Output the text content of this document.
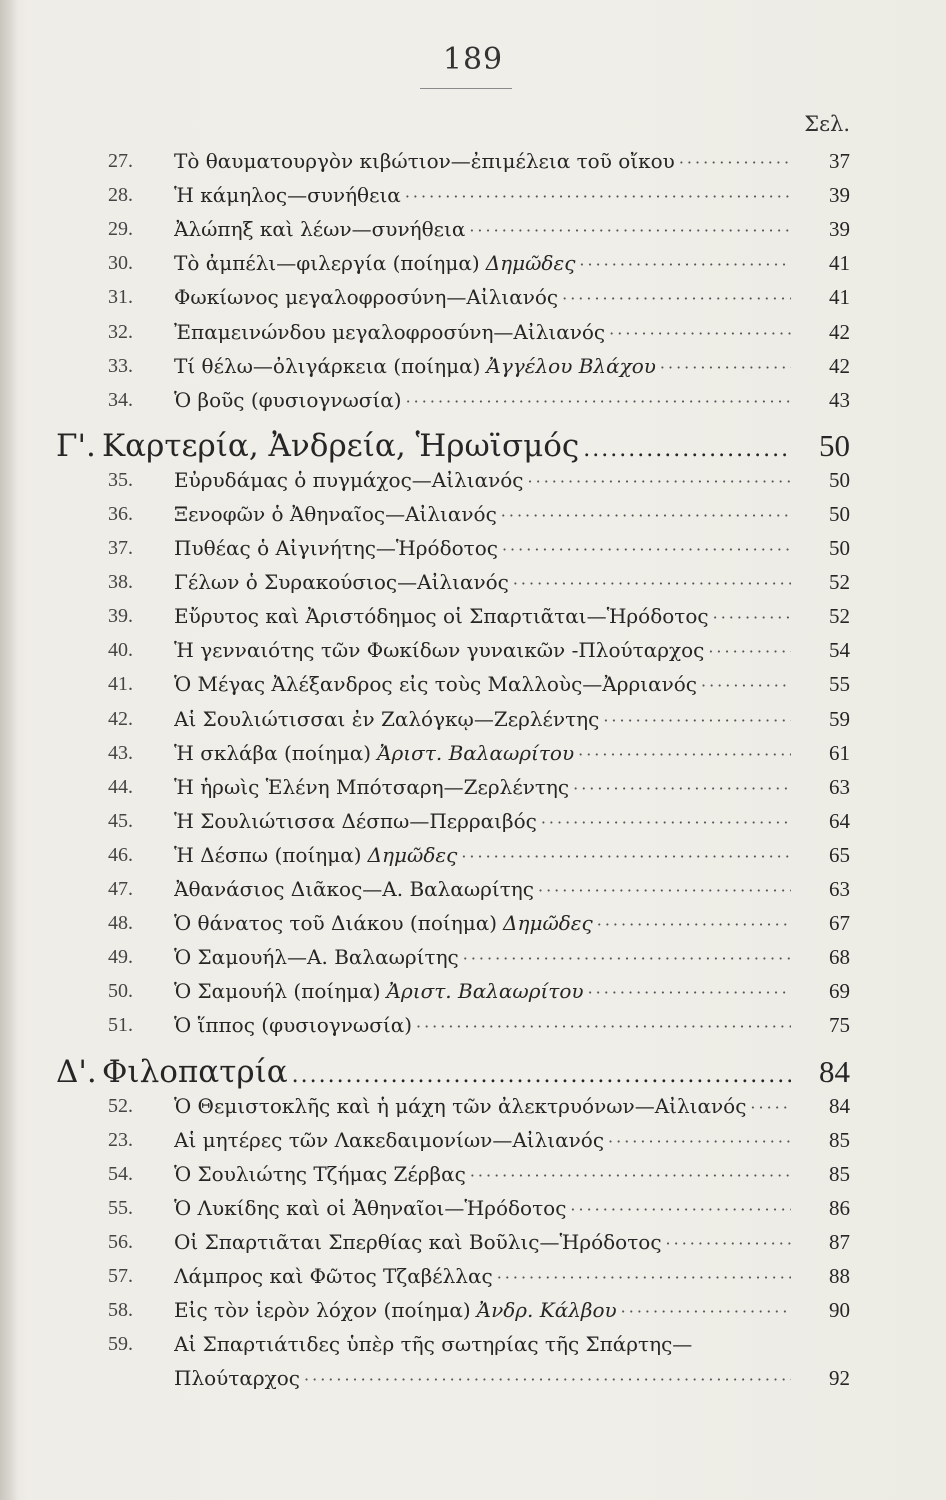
189
Σελ.
27.	Τὸ θαυματουργὸν κιβώτιον—ἐπιμέλεια τοῦ οἴκου ·····	37
28.	Ἡ κάμηλος—συνήθεια ·····	39
29.	Ἀλώπηξ καὶ λέων—συνήθεια ·····	39
30.	Τὸ ἀμπέλι—φιλεργία (ποίημα) Δημῶδες ·····	41
31.	Φωκίωνος μεγαλοφροσύνη—Αἰλιανός ·····	41
32.	Ἐπαμεινώνδου μεγαλοφροσύνη—Αἰλιανός ·····	42
33.	Τί θέλω—ὀλιγάρκεια (ποίημα) Ἀγγέλου Βλάχου ·····	42
34.	Ὁ βοῦς (φυσιογνωσία) ·····	43
Γ'. Καρτερία, Ἀνδρεία, Ἡρωϊσμός .....	50
35.	Εὐρυδάμας ὁ πυγμάχος—Αἰλιανός ·····	50
36.	Ξενοφῶν ὁ Ἀθηναῖος—Αἰλιανός ·····	50
37.	Πυθέας ὁ Αἰγινήτης—Ἡρόδοτος ·····	50
38.	Γέλων ὁ Συρακούσιος—Αἰλιανός ·····	52
39.	Εὔρυτος καὶ Ἀριστόδημος οἱ Σπαρτιᾶται—Ἡρόδοτος ·····	52
40.	Ἡ γενναιότης τῶν Φωκίδων γυναικῶν -Πλούταρχος ·····	54
41.	Ὁ Μέγας Ἀλέξανδρος εἰς τοὺς Μαλλοὺς—Ἀρριανός ·····	55
42.	Αἱ Σουλιώτισσαι ἐν Ζαλόγκῳ—Ζερλέντης ·····	59
43.	Ἡ σκλάβα (ποίημα) Ἀριστ. Βαλαωρίτου ·····	61
44.	Ἡ ἡρωὶς Ἑλένη Μπότσαρη—Ζερλέντης ·····	63
45.	Ἡ Σουλιώτισσα Δέσπω—Περραιβός ·····	64
46.	Ἡ Δέσπω (ποίημα) Δημῶδες ·····	65
47.	Ἀθανάσιος Διᾶκος—Α. Βαλαωρίτης ·····	63
48.	Ὁ θάνατος τοῦ Διάκου (ποίημα) Δημῶδες ·····	67
49.	Ὁ Σαμουήλ—Α. Βαλαωρίτης ·····	68
50.	Ὁ Σαμουήλ (ποίημα) Ἀριστ. Βαλαωρίτου ·····	69
51.	Ὁ ἵππος (φυσιογνωσία) ·····	75
Δ'. Φιλοπατρία .....	84
52.	Ὁ Θεμιστοκλῆς καὶ ἡ μάχη τῶν ἀλεκτρυόνων—Αἰλιανός ·····	84
23.	Αἱ μητέρες τῶν Λακεδαιμονίων—Αἰλιανός ·····	85
54.	Ὁ Σουλιώτης Τζήμας Ζέρβας ·····	85
55.	Ὁ Λυκίδης καὶ οἱ Ἀθηναῖοι—Ἡρόδοτος ·····	86
56.	Οἱ Σπαρτιᾶται Σπερθίας καὶ Βοῦλις—Ἡρόδοτος ·····	87
57.	Λάμπρος καὶ Φῶτος Τζαβέλλας ·····	88
58.	Εἰς τὸν ἱερὸν λόχον (ποίημα) Ἀνδρ. Κάλβου ·····	90
59.	Αἱ Σπαρτιάτιδες ὑπὲρ τῆς σωτηρίας τῆς Σπάρτης—
Πλούταρχος ·····	92
